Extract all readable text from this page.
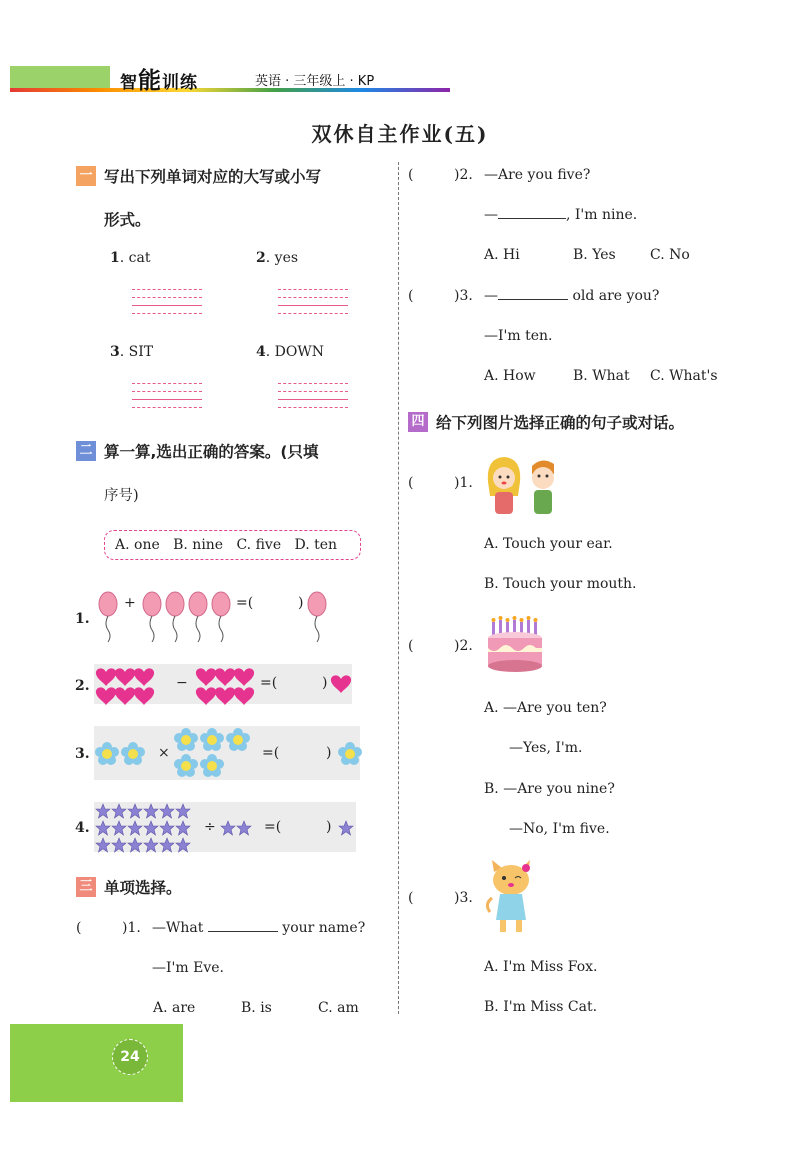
智能训练	英语 · 三年级上 · KP
双休自主作业(五)
一 写出下列单词对应的大写或小写
形式。
1. cat	2. yes
3. SIT	4. DOWN
二 算一算,选出正确的答案。(只填
序号)
A. one B. nine C. five D. ten
1.
+	=(	)
2.	−	=(	)
3.	×	=(	)
4.	÷	=(	)
三 单项选择。
(	)1. —What	your name?
—I'm Eve.
A. are	B. is	C. am
(	)2. —Are you five?
—	, I'm nine.
A. Hi	B. Yes C. No
(	)3. —	old are you?
—I'm ten.
A. How	B. What C. What's
四 给下列图片选择正确的句子或对话。
(	)1.
A. Touch your ear.
B. Touch your mouth.
(	)2.
A. —Are you ten?
—Yes, I'm.
B. —Are you nine?
—No, I'm five.
(	)3.
A. I'm Miss Fox.
B. I'm Miss Cat.
24
